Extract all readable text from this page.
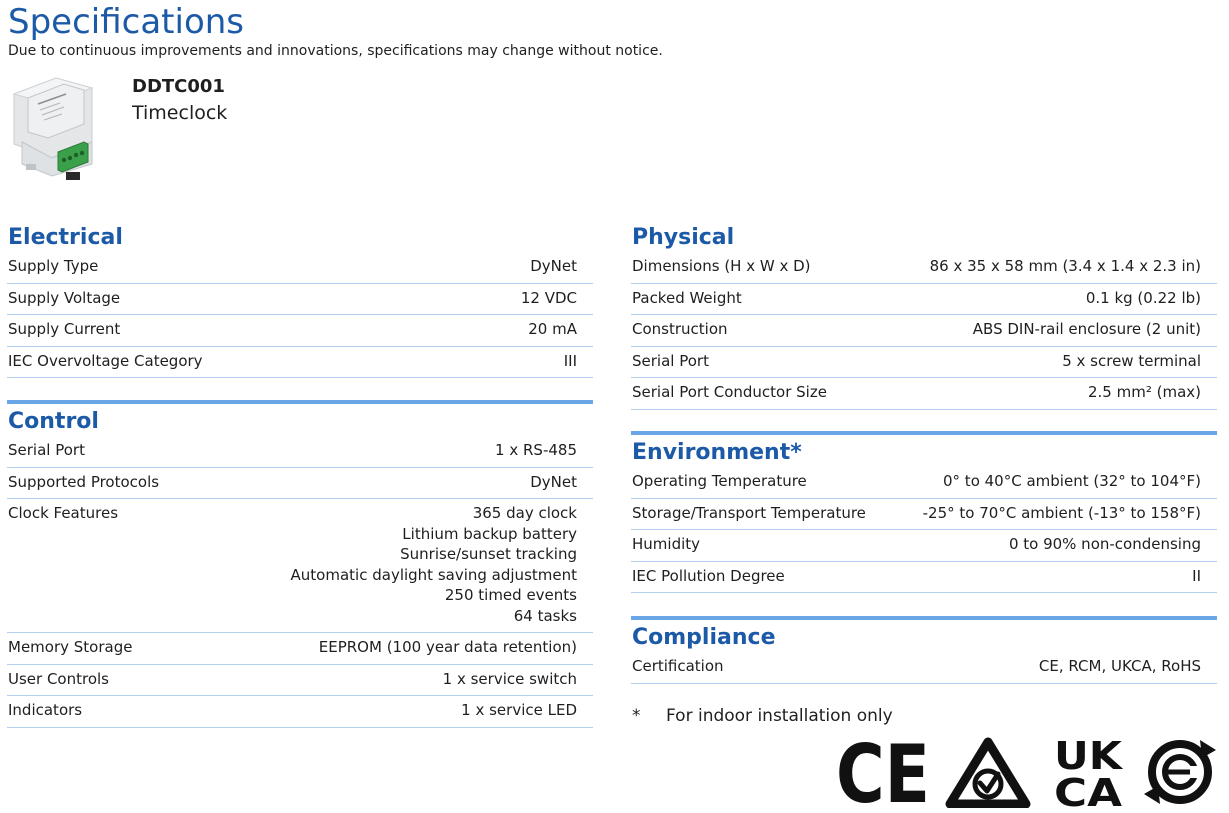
Specifications
Due to continuous improvements and innovations, specifications may change without notice.
DDTC001
Timeclock
Electrical
Supply Type	DyNet
Supply Voltage	12 VDC
Supply Current	20 mA
IEC Overvoltage Category	III
Control
Serial Port	1 x RS-485
Supported Protocols	DyNet
Clock Features	365 day clock
Lithium backup battery
Sunrise/sunset tracking
Automatic daylight saving adjustment
250 timed events
64 tasks
Memory Storage	EEPROM (100 year data retention)
User Controls	1 x service switch
Indicators	1 x service LED
Physical
Dimensions (H x W x D)	86 x 35 x 58 mm (3.4 x 1.4 x 2.3 in)
Packed Weight	0.1 kg (0.22 lb)
Construction	ABS DIN-rail enclosure (2 unit)
Serial Port	5 x screw terminal
Serial Port Conductor Size	2.5 mm² (max)
Environment*
Operating Temperature	0° to 40°C ambient (32° to 104°F)
Storage/Transport Temperature	-25° to 70°C ambient (-13° to 158°F)
Humidity	0 to 90% non-condensing
IEC Pollution Degree	II
Compliance
Certification	CE, RCM, UKCA, RoHS
* For indoor installation only
CE	UK
CA
